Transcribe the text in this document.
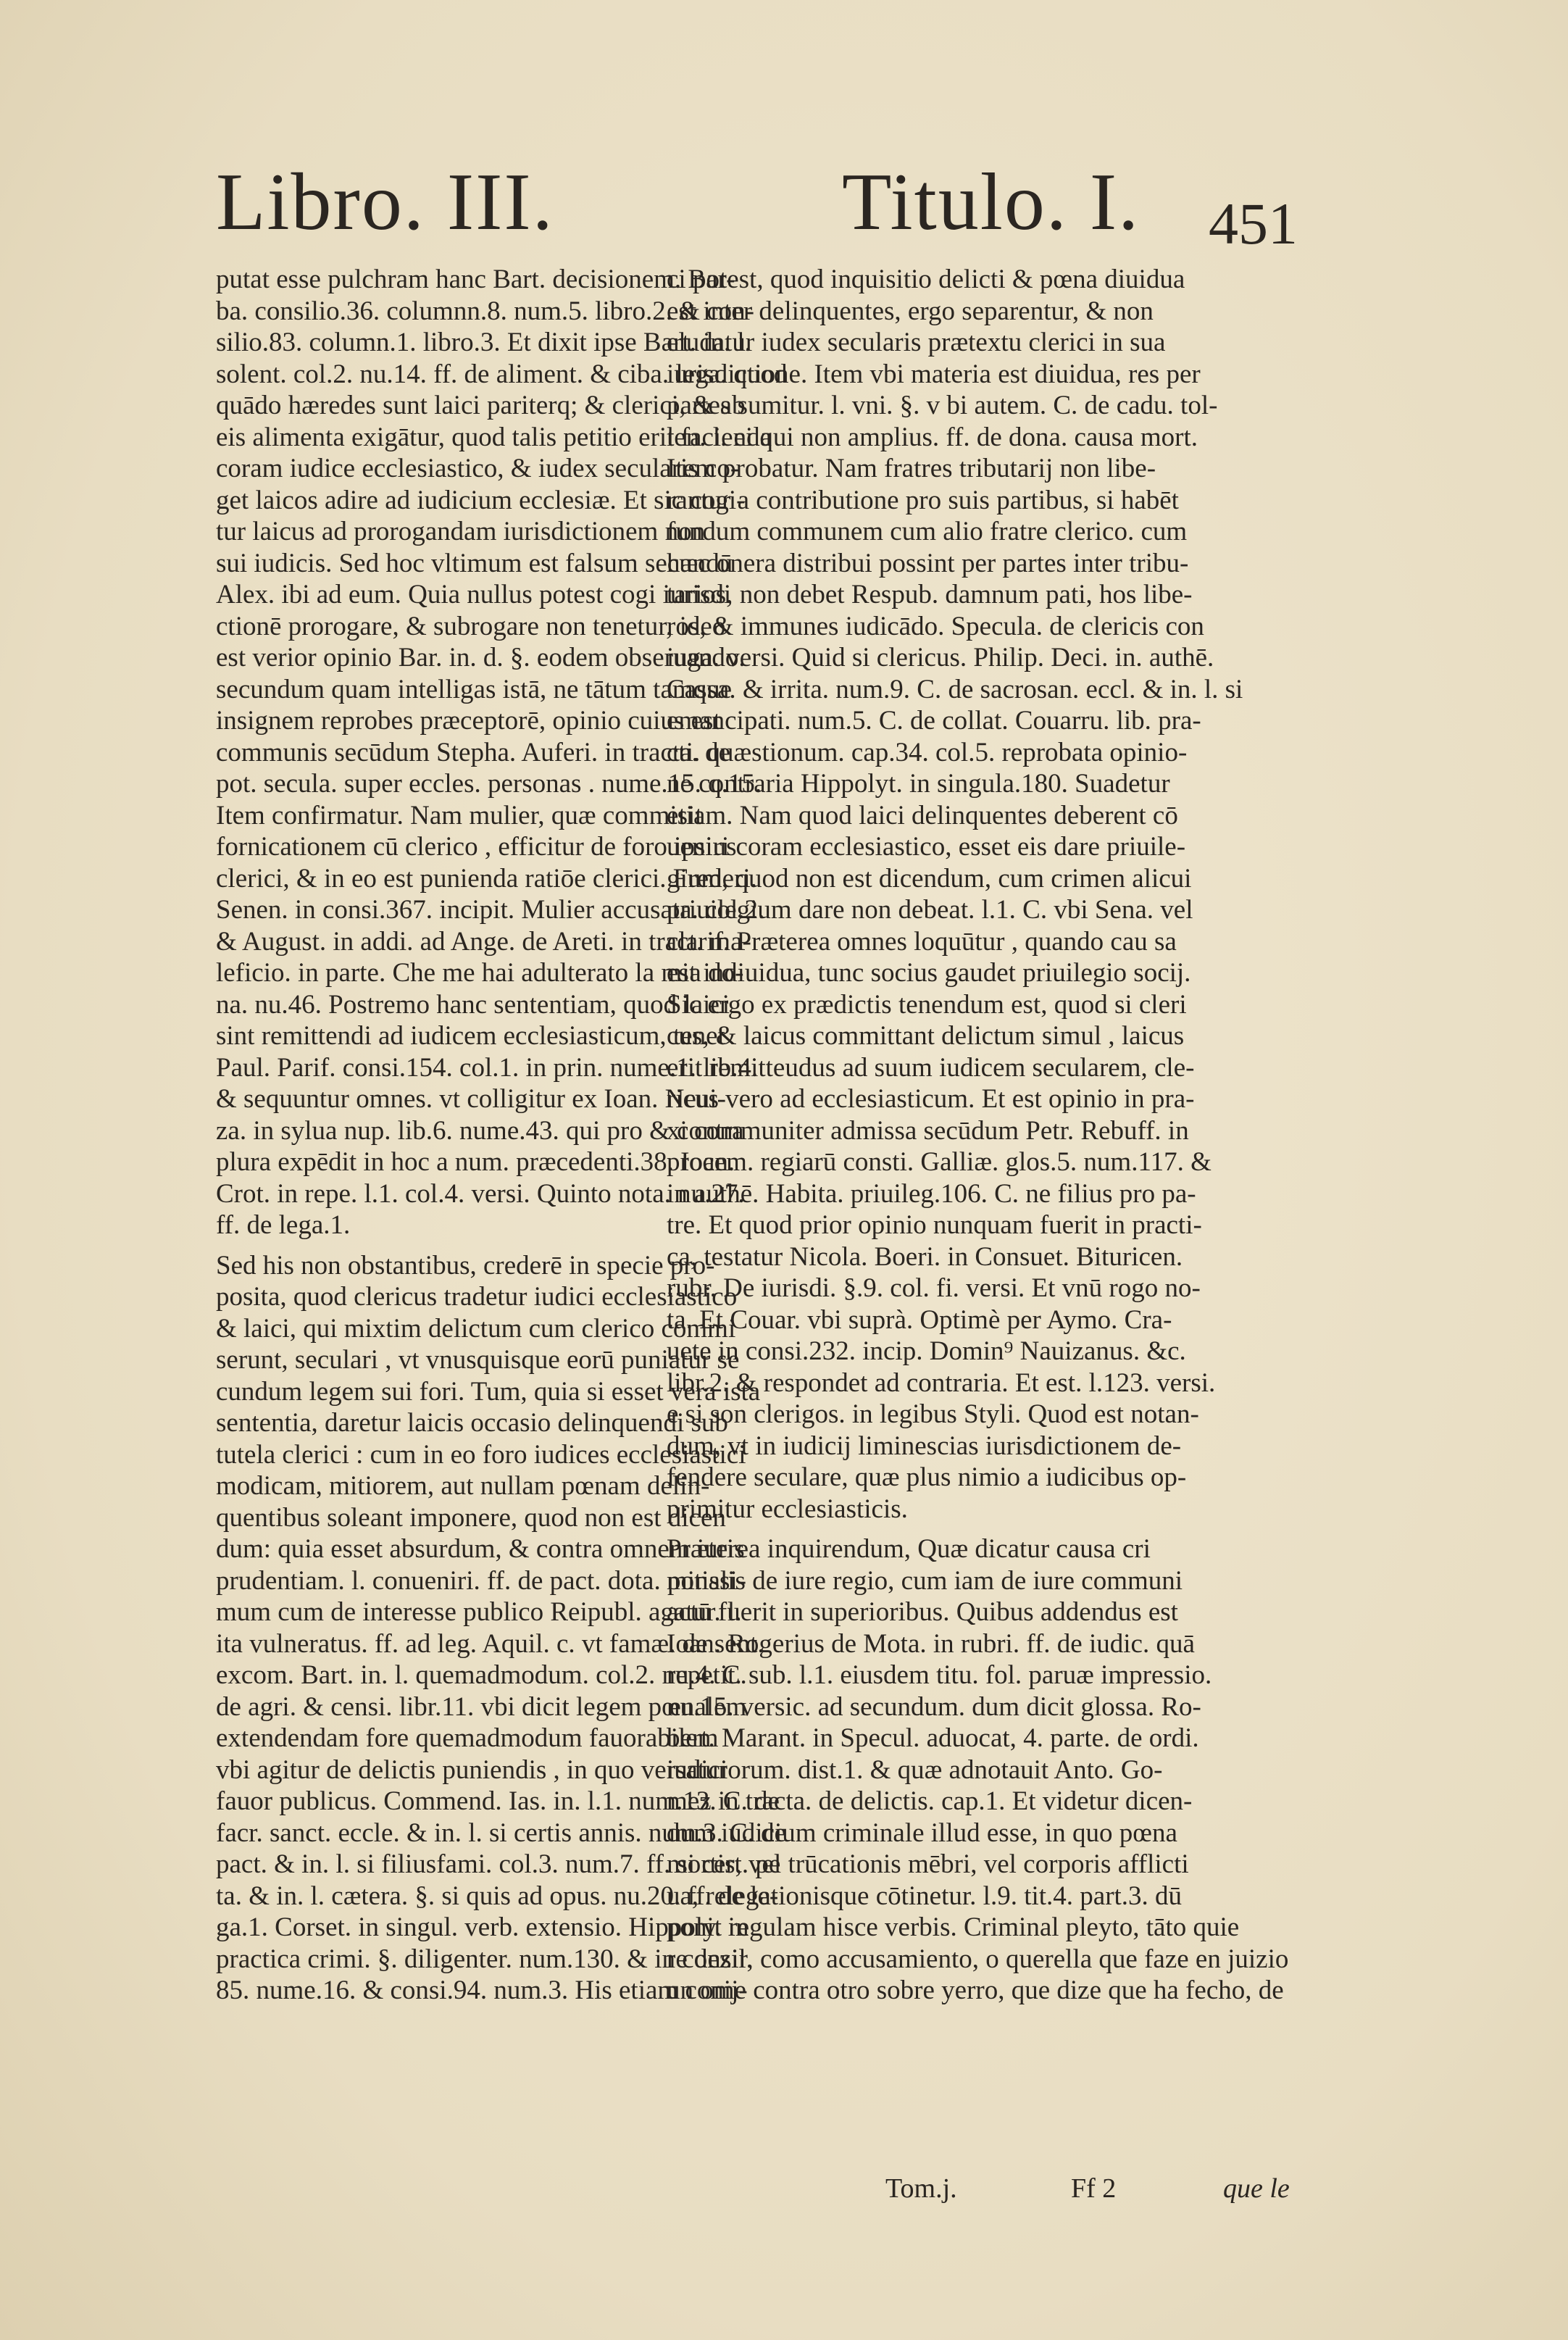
Libro. III.	Titulo. I. 451
putat esse pulchram hanc Bart. decisionem. Bar-
ba. consilio.36. columnn.8. num.5. libro.2. & con-
silio.83. column.1. libro.3. Et dixit ipse Bart. in. l.
solent. col.2. nu.14. ff. de aliment. & ciba. lega. quod
quādo hæredes sunt laici pariterq; & clerici, & ab
eis alimenta exigātur, quod talis petitio erit facienda
coram iudice ecclesiastico, & iudex secularis co-
get laicos adire ad iudicium ecclesiæ. Et sic cogi-
tur laicus ad prorogandam iurisdictionem non
sui iudicis. Sed hoc vltimum est falsum secundū
Alex. ibi ad eum. Quia nullus potest cogi iurisdi
ctionē prorogare, & subrogare non tenetur, ideo
est verior opinio Bar. in. d. §. eodem obseruando.
secundum quam intelligas istā, ne tātum tamque
insignem reprobes præceptorē, opinio cuius est
communis secūdum Stepha. Auferi. in tracta. de
pot. secula. super eccles. personas . nume.15. q.15.
Item confirmatur. Nam mulier, quæ commisit
fornicationem cū clerico , efficitur de foro ipsius
clerici, & in eo est punienda ratiōe clerici. Frederi.
Senen. in consi.367. incipit. Mulier accusata. col.2.
& August. in addi. ad Ange. de Areti. in tract. ma-
leficio. in parte. Che me hai adulterato la mia do-
na. nu.46. Postremo hanc sententiam, quod laici
sint remittendi ad iudicem ecclesiasticum, tenet
Paul. Parif. consi.154. col.1. in prin. nume.1. lib.4.
& sequuntur omnes. vt colligitur ex Ioan. Neui-
za. in sylua nup. lib.6. nume.43. qui pro & contra
plura expēdit in hoc a num. præcedenti.38. Ioan.
Crot. in repe. l.1. col.4. versi. Quinto nota. nu.27.
ff. de lega.1.
Sed his non obstantibus, crederē in specie pro-
posita, quod clericus tradetur iudici ecclesiastico
& laici, qui mixtim delictum cum clerico commi
serunt, seculari , vt vnusquisque eorū puniatur se
cundum legem sui fori. Tum, quia si esset vera ista
sententia, daretur laicis occasio delinquendi sub
tutela clerici : cum in eo foro iudices ecclesiastici
modicam, mitiorem, aut nullam pœnam delin-
quentibus soleant imponere, quod non est dicen
dum: quia esset absurdum, & contra omnem iuris
prudentiam. l. conueniri. ff. de pact. dota. potissi-
mum cum de interesse publico Reipubl. agatur. l.
ita vulneratus. ff. ad leg. Aquil. c. vt famæ. de sent.
excom. Bart. in. l. quemadmodum. col.2. nu.4. C.
de agri. & censi. libr.11. vbi dicit legem pœnalem
extendendam fore quemadmodum fauorabilem
vbi agitur de delictis puniendis , in quo versatur
fauor publicus. Commend. Ias. in. l.1. num.13. C. de
facr. sanct. eccle. & in. l. si certis annis. num.3. C. de
pact. & in. l. si filiusfami. col.3. num.7. ff. si cert. pe
ta. & in. l. cætera. §. si quis ad opus. nu.20. ff. de le-
ga.1. Corset. in singul. verb. extensio. Hippoly. in
practica crimi. §. diligenter. num.130. & in consil.
85. nume.16. & consi.94. num.3. His etiam conij-
ci potest, quod inquisitio delicti & pœna diuidua
est inter delinquentes, ergo separentur, & non
eludatur iudex secularis prætextu clerici in sua
iurisdictione. Item vbi materia est diuidua, res per
partes sumitur. l. vni. §. v bi autem. C. de cadu. tol-
len. l. ei qui non amplius. ff. de dona. causa mort.
Item probatur. Nam fratres tributarij non libe-
rantur a contributione pro suis partibus, si habēt
fundum communem cum alio fratre clerico. cum
hæc onera distribui possint per partes inter tribu-
tarios, non debet Respub. damnum pati, hos libe-
ros, & immunes iudicādo. Specula. de clericis con
iuga. versi. Quid si clericus. Philip. Deci. in. authē.
Cassa. & irrita. num.9. C. de sacrosan. eccl. & in. l. si
emancipati. num.5. C. de collat. Couarru. lib. pra-
cti. quæstionum. cap.34. col.5. reprobata opinio-
ne contraria Hippolyt. in singula.180. Suadetur
etiam. Nam quod laici delinquentes deberent cō
ueniri coram ecclesiastico, esset eis dare priuile-
gium, quod non est dicendum, cum crimen alicui
priuilegium dare non debeat. l.1. C. vbi Sena. vel
clarif. Præterea omnes loquūtur , quando cau sa
est indiuidua, tunc socius gaudet priuilegio socij.
Sic ergo ex prædictis tenendum est, quod si cleri
cus, & laicus committant delictum simul , laicus
erit remitteudus ad suum iudicem secularem, cle-
ricus vero ad ecclesiasticum. Et est opinio in pra-
xi communiter admissa secūdum Petr. Rebuff. in
procem. regiarū consti. Galliæ. glos.5. num.117. &
in authē. Habita. priuileg.106. C. ne filius pro pa-
tre. Et quod prior opinio nunquam fuerit in practi-
ca, testatur Nicola. Boeri. in Consuet. Bituricen.
rubr. De iurisdi. §.9. col. fi. versi. Et vnū rogo no-
ta. Et Couar. vbi suprà. Optimè per Aymo. Cra-
uete in consi.232. incip. Domin⁹ Nauizanus. &c.
libr.2. & respondet ad contraria. Et est. l.123. versi.
e si son clerigos. in legibus Styli. Quod est notan-
dum, vt in iudicij liminescias iurisdictionem de-
fendere seculare, quæ plus nimio a iudicibus op-
primitur ecclesiasticis.
Præterea inquirendum, Quæ dicatur causa cri
minalis de iure regio, cum iam de iure communi
actū fuerit in superioribus. Quibus addendus est
Ioan. Rogerius de Mota. in rubri. ff. de iudic. quā
repetit. sub. l.1. eiusdem titu. fol. paruæ impressio.
nu.15. versic. ad secundum. dum dicit glossa. Ro-
bert. Marant. in Specul. aduocat, 4. parte. de ordi.
iudiciorum. dist.1. & quæ adnotauit Anto. Go-
mez in tracta. de delictis. cap.1. Et videtur dicen-
dum iudicium criminale illud esse, in quo pœna
mortis, vel trūcationis mēbri, vel corporis afflicti
ua, relegationisque cōtinetur. l.9. tit.4. part.3. dū
ponit regulam hisce verbis. Criminal pleyto, tāto quie
re dezir, como accusamiento, o querella que faze en juizio
un ome contra otro sobre yerro, que dize que ha fecho, de
Tom.j.	Ff 2	que le
